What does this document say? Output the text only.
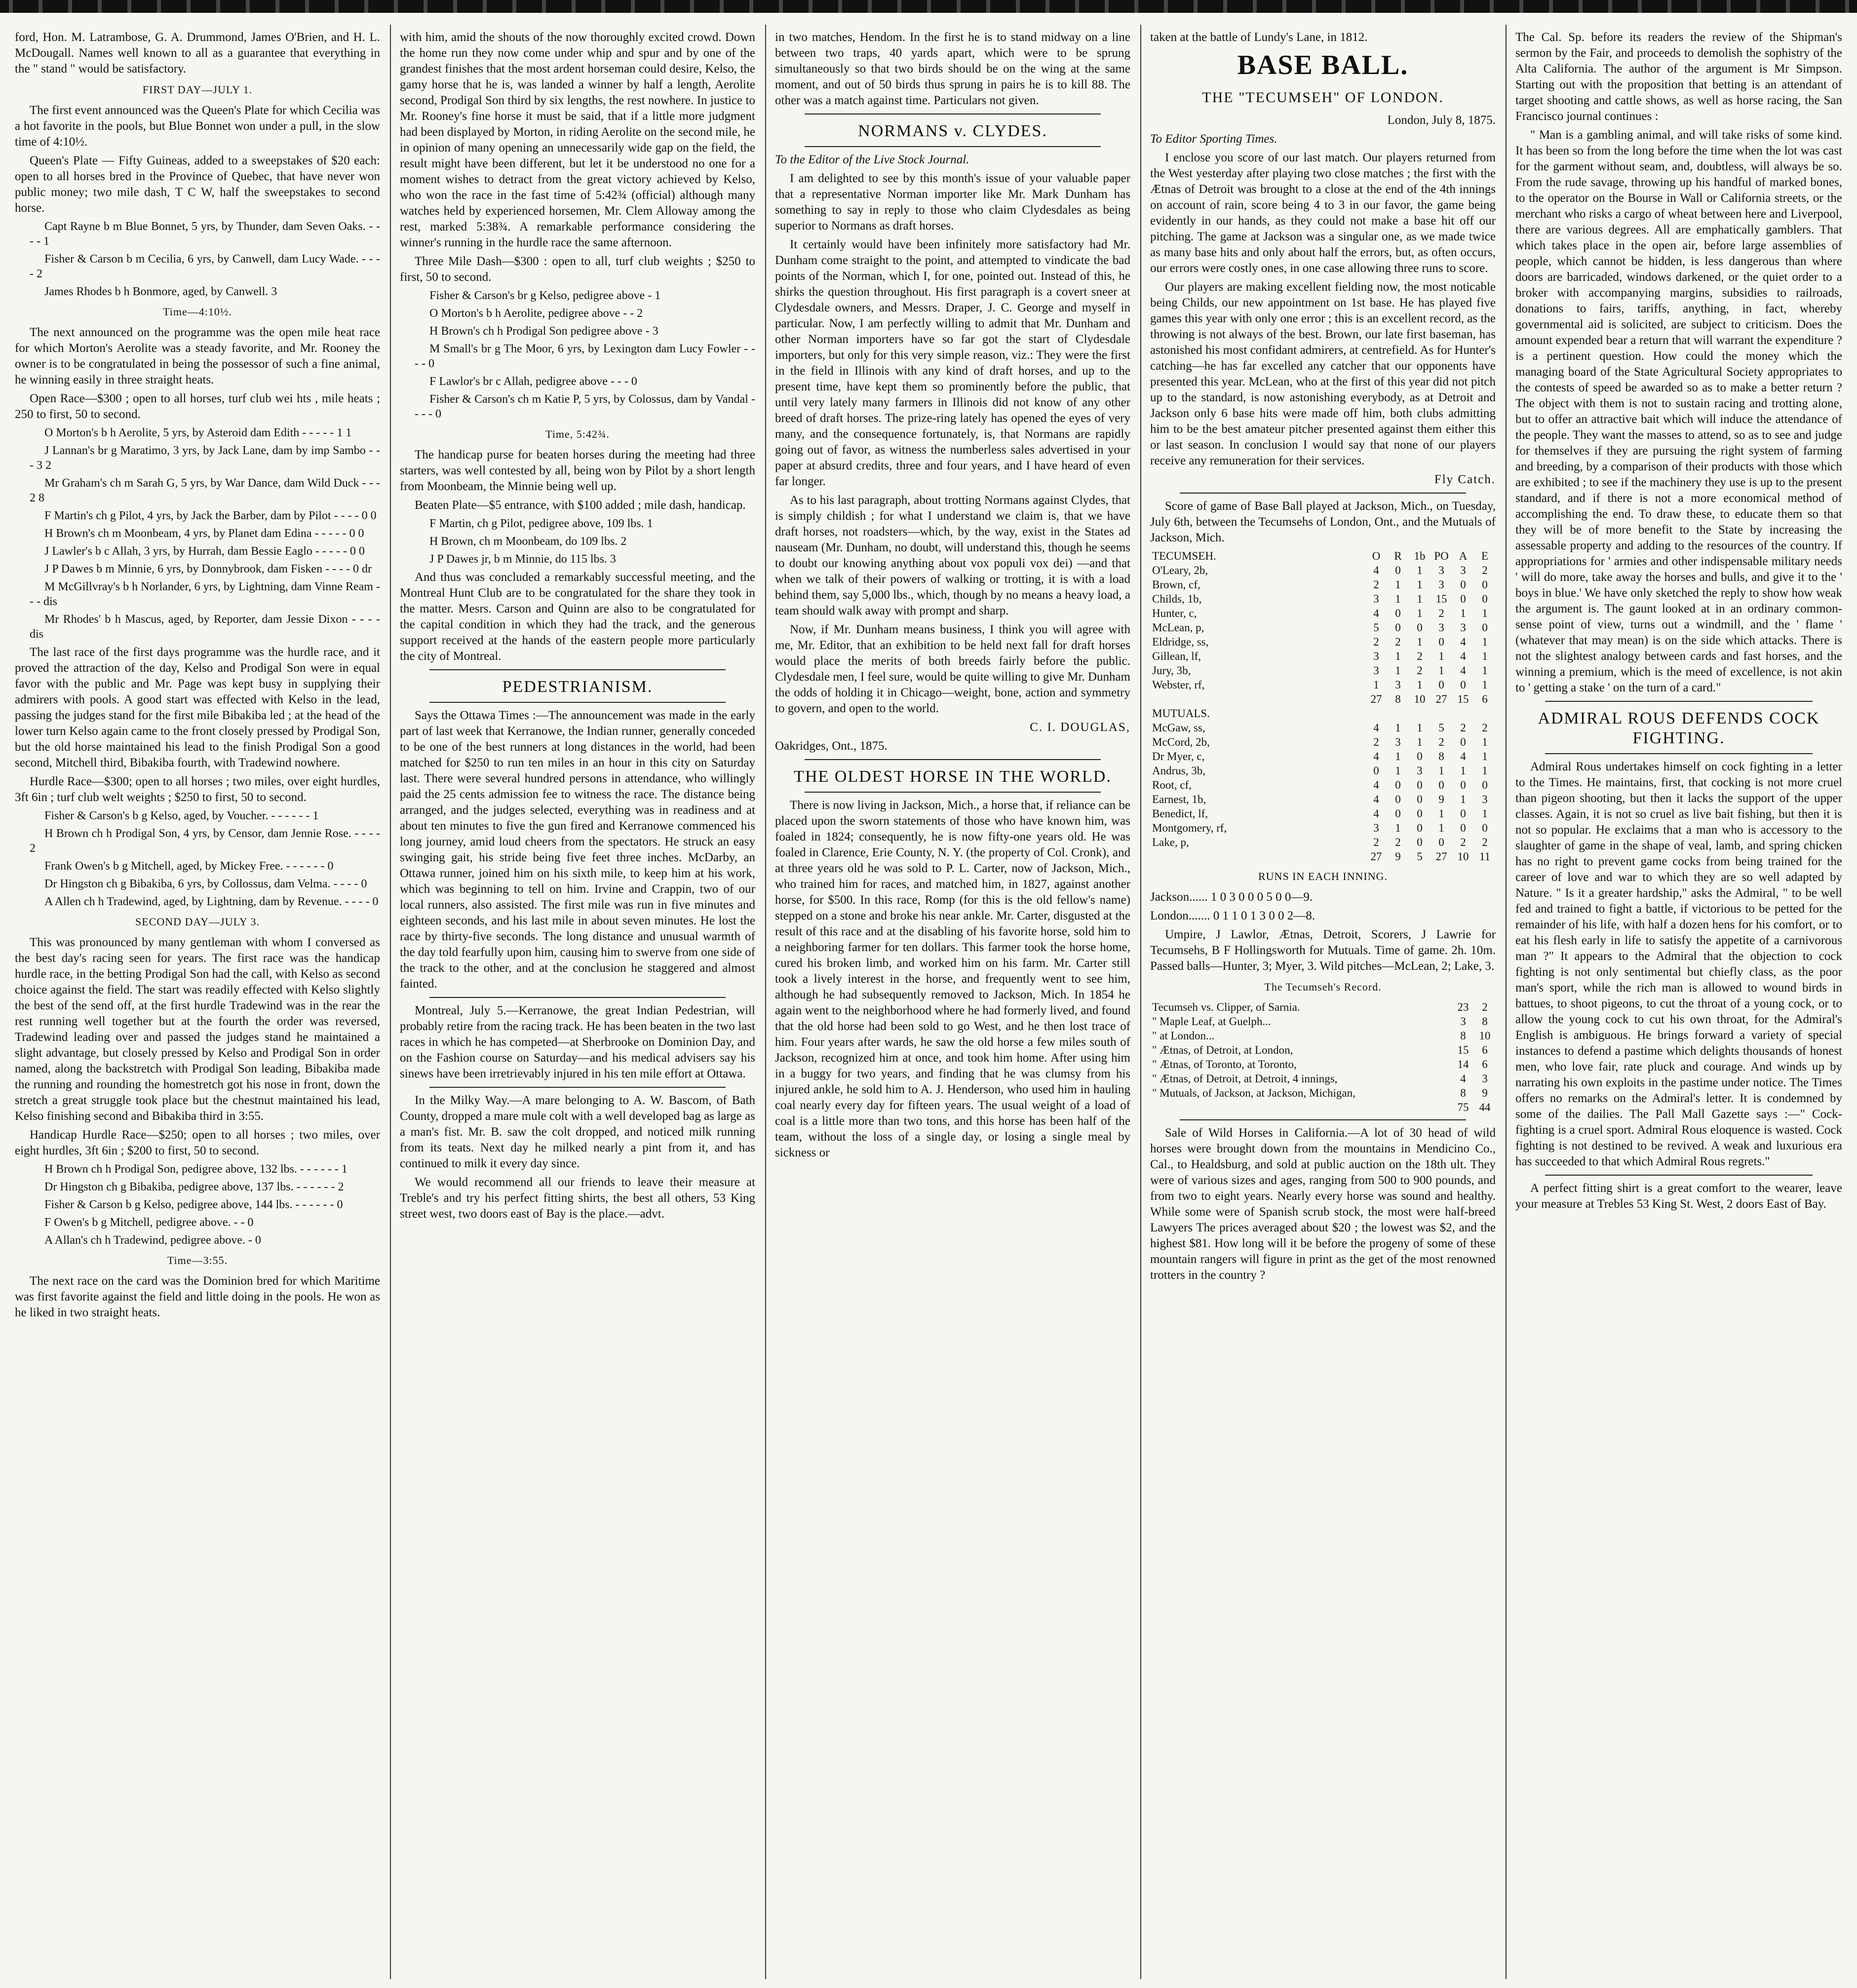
ford, Hon. M. Latrambose, G. A. Drummond, James O'Brien, and H. L. McDougall. Names well known to all as a guarantee that everything in the " stand " would be satisfactory.

FIRST DAY—JULY 1.

The first event announced was the Queen's Plate for which Cecilia was a hot favorite in the pools, but Blue Bonnet won under a pull, in the slow time of 4:10½.

Queen's Plate — Fifty Guineas, added to a sweepstakes of $20 each: open to all horses bred in the Province of Quebec, that have never won public money; two mile dash, T C W, half the sweepstakes to second horse.

Capt Rayne b m Blue Bonnet, 5 yrs, by Thunder, dam Seven Oaks. - - - - 1

Fisher & Carson b m Cecilia, 6 yrs, by Canwell, dam Lucy Wade. - - - - 2

James Rhodes b h Bonmore, aged, by Canwell. 3

Time—4:10½.

The next announced on the programme was the open mile heat race for which Morton's Aerolite was a steady favorite, and Mr. Rooney the owner is to be congratulated in being the possessor of such a fine animal, he winning easily in three straight heats.

Open Race—$300 ; open to all horses, turf club wei hts , mile heats ; 250 to first, 50 to second.

O Morton's b h Aerolite, 5 yrs, by Asteroid dam Edith - - - - - 1 1

J Lannan's br g Maratimo, 3 yrs, by Jack Lane, dam by imp Sambo - - - 3 2

Mr Graham's ch m Sarah G, 5 yrs, by War Dance, dam Wild Duck - - - 2 8

F Martin's ch g Pilot, 4 yrs, by Jack the Barber, dam by Pilot - - - - 0 0

H Brown's ch m Moonbeam, 4 yrs, by Planet dam Edina - - - - - 0 0

J Lawler's b c Allah, 3 yrs, by Hurrah, dam Bessie Eaglo - - - - - 0 0

J P Dawes b m Minnie, 6 yrs, by Donnybrook, dam Fisken - - - - 0 dr

M McGillvray's b h Norlander, 6 yrs, by Lightning, dam Vinne Ream - - - dis

Mr Rhodes' b h Mascus, aged, by Reporter, dam Jessie Dixon - - - - dis

The last race of the first days programme was the hurdle race, and it proved the attraction of the day, Kelso and Prodigal Son were in equal favor with the public and Mr. Page was kept busy in supplying their admirers with pools. A good start was effected with Kelso in the lead, passing the judges stand for the first mile Bibakiba led ; at the head of the lower turn Kelso again came to the front closely pressed by Prodigal Son, but the old horse maintained his lead to the finish Prodigal Son a good second, Mitchell third, Bibakiba fourth, with Tradewind nowhere.

Hurdle Race—$300; open to all horses ; two miles, over eight hurdles, 3ft 6in ; turf club welt weights ; $250 to first, 50 to second.

Fisher & Carson's b g Kelso, aged, by Voucher. - - - - - - 1

H Brown ch h Prodigal Son, 4 yrs, by Censor, dam Jennie Rose. - - - - 2

Frank Owen's b g Mitchell, aged, by Mickey Free. - - - - - - 0

Dr Hingston ch g Bibakiba, 6 yrs, by Collossus, dam Velma. - - - - 0

A Allen ch h Tradewind, aged, by Lightning, dam by Revenue. - - - - 0

SECOND DAY—JULY 3.

This was pronounced by many gentleman with whom I conversed as the best day's racing seen for years. The first race was the handicap hurdle race, in the betting Prodigal Son had the call, with Kelso as second choice against the field. The start was readily effected with Kelso slightly the best of the send off, at the first hurdle Tradewind was in the rear the rest running well together but at the fourth the order was reversed, Tradewind leading over and passed the judges stand he maintained a slight advantage, but closely pressed by Kelso and Prodigal Son in order named, along the backstretch with Prodigal Son leading, Bibakiba made the running and rounding the homestretch got his nose in front, down the stretch a great struggle took place but the chestnut maintained his lead, Kelso finishing second and Bibakiba third in 3:55.

Handicap Hurdle Race—$250; open to all horses ; two miles, over eight hurdles, 3ft 6in ; $200 to first, 50 to second.

H Brown ch h Prodigal Son, pedigree above, 132 lbs. - - - - - - 1

Dr Hingston ch g Bibakiba, pedigree above, 137 lbs. - - - - - - 2

Fisher & Carson b g Kelso, pedigree above, 144 lbs. - - - - - - 0

F Owen's b g Mitchell, pedigree above. - - 0

A Allan's ch h Tradewind, pedigree above. - 0

Time—3:55.

The next race on the card was the Dominion bred for which Maritime was first favorite against the field and little doing in the pools. He won as he liked in two straight heats.

with him, amid the shouts of the now thoroughly excited crowd. Down the home run they now come under whip and spur and by one of the grandest finishes that the most ardent horseman could desire, Kelso, the gamy horse that he is, was landed a winner by half a length, Aerolite second, Prodigal Son third by six lengths, the rest nowhere. In justice to Mr. Rooney's fine horse it must be said, that if a little more judgment had been displayed by Morton, in riding Aerolite on the second mile, he in opinion of many opening an unnecessarily wide gap on the field, the result might have been different, but let it be understood no one for a moment wishes to detract from the great victory achieved by Kelso, who won the race in the fast time of 5:42¾ (official) although many watches held by experienced horsemen, Mr. Clem Alloway among the rest, marked 5:38¾. A remarkable performance considering the winner's running in the hurdle race the same afternoon.

Three Mile Dash—$300 : open to all, turf club weights ; $250 to first, 50 to second.

Fisher & Carson's br g Kelso, pedigree above - 1

O Morton's b h Aerolite, pedigree above - - 2

H Brown's ch h Prodigal Son pedigree above - 3

M Small's br g The Moor, 6 yrs, by Lexington dam Lucy Fowler - - - - 0

F Lawlor's br c Allah, pedigree above - - - 0

Fisher & Carson's ch m Katie P, 5 yrs, by Colossus, dam by Vandal - - - - 0

Time, 5:42¾.

The handicap purse for beaten horses during the meeting had three starters, was well contested by all, being won by Pilot by a short length from Moonbeam, the Minnie being well up.

Beaten Plate—$5 entrance, with $100 added ; mile dash, handicap.

F Martin, ch g Pilot, pedigree above, 109 lbs. 1

H Brown, ch m Moonbeam, do 109 lbs. 2

J P Dawes jr, b m Minnie, do 115 lbs. 3

And thus was concluded a remarkably successful meeting, and the Montreal Hunt Club are to be congratulated for the share they took in the matter. Mesrs. Carson and Quinn are also to be congratulated for the capital condition in which they had the track, and the generous support received at the hands of the eastern people more particularly the city of Montreal.

PEDESTRIANISM.

Says the Ottawa Times :—The announcement was made in the early part of last week that Kerranowe, the Indian runner, generally conceded to be one of the best runners at long distances in the world, had been matched for $250 to run ten miles in an hour in this city on Saturday last. There were several hundred persons in attendance, who willingly paid the 25 cents admission fee to witness the race. The distance being arranged, and the judges selected, everything was in readiness and at about ten minutes to five the gun fired and Kerranowe commenced his long journey, amid loud cheers from the spectators. He struck an easy swinging gait, his stride being five feet three inches. McDarby, an Ottawa runner, joined him on his sixth mile, to keep him at his work, which was beginning to tell on him. Irvine and Crappin, two of our local runners, also assisted. The first mile was run in five minutes and eighteen seconds, and his last mile in about seven minutes. He lost the race by thirty-five seconds. The long distance and unusual warmth of the day told fearfully upon him, causing him to swerve from one side of the track to the other, and at the conclusion he staggered and almost fainted.

Montreal, July 5.—Kerranowe, the great Indian Pedestrian, will probably retire from the racing track. He has been beaten in the two last races in which he has competed—at Sherbrooke on Dominion Day, and on the Fashion course on Saturday—and his medical advisers say his sinews have been irretrievably injured in his ten mile effort at Ottawa.

In the Milky Way.—A mare belonging to A. W. Bascom, of Bath County, dropped a mare mule colt with a well developed bag as large as a man's fist. Mr. B. saw the colt dropped, and noticed milk running from its teats. Next day he milked nearly a pint from it, and has continued to milk it every day since.

We would recommend all our friends to leave their measure at Treble's and try his perfect fitting shirts, the best all others, 53 King street west, two doors east of Bay is the place.—advt.

in two matches, Hendom. In the first he is to stand midway on a line between two traps, 40 yards apart, which were to be sprung simultaneously so that two birds should be on the wing at the same moment, and out of 50 birds thus sprung in pairs he is to kill 88. The other was a match against time. Particulars not given.

NORMANS v. CLYDES.

To the Editor of the Live Stock Journal.

I am delighted to see by this month's issue of your valuable paper that a representative Norman importer like Mr. Mark Dunham has something to say in reply to those who claim Clydesdales as being superior to Normans as draft horses.

It certainly would have been infinitely more satisfactory had Mr. Dunham come straight to the point, and attempted to vindicate the bad points of the Norman, which I, for one, pointed out. Instead of this, he shirks the question throughout. His first paragraph is a covert sneer at Clydesdale owners, and Messrs. Draper, J. C. George and myself in particular. Now, I am perfectly willing to admit that Mr. Dunham and other Norman importers have so far got the start of Clydesdale importers, but only for this very simple reason, viz.: They were the first in the field in Illinois with any kind of draft horses, and up to the present time, have kept them so prominently before the public, that until very lately many farmers in Illinois did not know of any other breed of draft horses. The prize-ring lately has opened the eyes of very many, and the consequence fortunately, is, that Normans are rapidly going out of favor, as witness the numberless sales advertised in your paper at absurd credits, three and four years, and I have heard of even far longer.

As to his last paragraph, about trotting Normans against Clydes, that is simply childish ; for what I understand we claim is, that we have draft horses, not roadsters—which, by the way, exist in the States ad nauseam (Mr. Dunham, no doubt, will understand this, though he seems to doubt our knowing anything about vox populi vox dei) —and that when we talk of their powers of walking or trotting, it is with a load behind them, say 5,000 lbs., which, though by no means a heavy load, a team should walk away with prompt and sharp.

Now, if Mr. Dunham means business, I think you will agree with me, Mr. Editor, that an exhibition to be held next fall for draft horses would place the merits of both breeds fairly before the public. Clydesdale men, I feel sure, would be quite willing to give Mr. Dunham the odds of holding it in Chicago—weight, bone, action and symmetry to govern, and open to the world.

C. I. DOUGLAS,

Oakridges, Ont., 1875.

THE OLDEST HORSE IN THE WORLD.

There is now living in Jackson, Mich., a horse that, if reliance can be placed upon the sworn statements of those who have known him, was foaled in 1824; consequently, he is now fifty-one years old. He was foaled in Clarence, Erie County, N. Y. (the property of Col. Cronk), and at three years old he was sold to P. L. Carter, now of Jackson, Mich., who trained him for races, and matched him, in 1827, against another horse, for $500. In this race, Romp (for this is the old fellow's name) stepped on a stone and broke his near ankle. Mr. Carter, disgusted at the result of this race and at the disabling of his favorite horse, sold him to a neighboring farmer for ten dollars. This farmer took the horse home, cured his broken limb, and worked him on his farm. Mr. Carter still took a lively interest in the horse, and frequently went to see him, although he had subsequently removed to Jackson, Mich. In 1854 he again went to the neighborhood where he had formerly lived, and found that the old horse had been sold to go West, and he then lost trace of him. Four years after wards, he saw the old horse a few miles south of Jackson, recognized him at once, and took him home. After using him in a buggy for two years, and finding that he was clumsy from his injured ankle, he sold him to A. J. Henderson, who used him in hauling coal nearly every day for fifteen years. The usual weight of a load of coal is a little more than two tons, and this horse has been half of the team, without the loss of a single day, or losing a single meal by sickness or

taken at the battle of Lundy's Lane, in 1812.

BASE BALL.
THE "TECUMSEH" OF LONDON.

London, July 8, 1875.

To Editor Sporting Times.

I enclose you score of our last match. Our players returned from the West yesterday after playing two close matches ; the first with the Ætnas of Detroit was brought to a close at the end of the 4th innings on account of rain, score being 4 to 3 in our favor, the game being evidently in our hands, as they could not make a base hit off our pitching. The game at Jackson was a singular one, as we made twice as many base hits and only about half the errors, but, as often occurs, our errors were costly ones, in one case allowing three runs to score.

Our players are making excellent fielding now, the most noticable being Childs, our new appointment on 1st base. He has played five games this year with only one error ; this is an excellent record, as the throwing is not always of the best. Brown, our late first baseman, has astonished his most confidant admirers, at centrefield. As for Hunter's catching—he has far excelled any catcher that our opponents have presented this year. McLean, who at the first of this year did not pitch up to the standard, is now astonishing everybody, as at Detroit and Jackson only 6 base hits were made off him, both clubs admitting him to be the best amateur pitcher presented against them either this or last season. In conclusion I would say that none of our players receive any remuneration for their services.

Fly Catch.

Score of game of Base Ball played at Jackson, Mich., on Tuesday, July 6th, between the Tecumsehs of London, Ont., and the Mutuals of Jackson, Mich.

TECUMSEH.	O	R	1b	PO	A	E
O'Leary, 2b,	4	0	1	3	3	2
Brown, cf,	2	1	1	3	0	0
Childs, 1b,	3	1	1	15	0	0
Hunter, c,	4	0	1	2	1	1
McLean, p,	5	0	0	3	3	0
Eldridge, ss,	2	2	1	0	4	1
Gillean, lf,	3	1	2	1	4	1
Jury, 3b,	3	1	2	1	4	1
Webster, rf,	1	3	1	0	0	1
	27	8	10	27	15	6
MUTUALS.						
McGaw, ss,	4	1	1	5	2	2
McCord, 2b,	2	3	1	2	0	1
Dr Myer, c,	4	1	0	8	4	1
Andrus, 3b,	0	1	3	1	1	1
Root, cf,	4	0	0	0	0	0
Earnest, 1b,	4	0	0	9	1	3
Benedict, lf,	4	0	0	1	0	1
Montgomery, rf,	3	1	0	1	0	0
Lake, p,	2	2	0	0	2	2
	27	9	5	27	10	11
RUNS IN EACH INNING.

Jackson...... 1 0 3 0 0 0 5 0 0—9.

London....... 0 1 1 0 1 3 0 0 2—8.

Umpire, J Lawlor, Ætnas, Detroit, Scorers, J Lawrie for Tecumsehs, B F Hollingsworth for Mutuals. Time of game. 2h. 10m. Passed balls—Hunter, 3; Myer, 3. Wild pitches—McLean, 2; Lake, 3.

The Tecumseh's Record.
Tecumseh vs. Clipper, of Sarnia.	23	2
" Maple Leaf, at Guelph...	3	8
" at London...	8	10
" Ætnas, of Detroit, at London,	15	6
" Ætnas, of Toronto, at Toronto,	14	6
" Ætnas, of Detroit, at Detroit, 4 innings,	4	3
" Mutuals, of Jackson, at Jackson, Michigan,	8	9
	75	44

Sale of Wild Horses in California.—A lot of 30 head of wild horses were brought down from the mountains in Mendicino Co., Cal., to Healdsburg, and sold at public auction on the 18th ult. They were of various sizes and ages, ranging from 500 to 900 pounds, and from two to eight years. Nearly every horse was sound and healthy. While some were of Spanish scrub stock, the most were half-breed Lawyers The prices averaged about $20 ; the lowest was $2, and the highest $81. How long will it be before the progeny of some of these mountain rangers will figure in print as the get of the most renowned trotters in the country ?

The Cal. Sp. before its readers the review of the Shipman's sermon by the Fair, and proceeds to demolish the sophistry of the Alta California. The author of the argument is Mr Simpson. Starting out with the proposition that betting is an attendant of target shooting and cattle shows, as well as horse racing, the San Francisco journal continues :

" Man is a gambling animal, and will take risks of some kind. It has been so from the long before the time when the lot was cast for the garment without seam, and, doubtless, will always be so. From the rude savage, throwing up his handful of marked bones, to the operator on the Bourse in Wall or California streets, or the merchant who risks a cargo of wheat between here and Liverpool, there are various degrees. All are emphatically gamblers. That which takes place in the open air, before large assemblies of people, which cannot be hidden, is less dangerous than where doors are barricaded, windows darkened, or the quiet order to a broker with accompanying margins, subsidies to railroads, donations to fairs, tariffs, anything, in fact, whereby governmental aid is solicited, are subject to criticism. Does the amount expended bear a return that will warrant the expenditure ? is a pertinent question. How could the money which the managing board of the State Agricultural Society appropriates to the contests of speed be awarded so as to make a better return ? The object with them is not to sustain racing and trotting alone, but to offer an attractive bait which will induce the attendance of the people. They want the masses to attend, so as to see and judge for themselves if they are pursuing the right system of farming and breeding, by a comparison of their products with those which are exhibited ; to see if the machinery they use is up to the present standard, and if there is not a more economical method of accomplishing the end. To draw these, to educate them so that they will be of more benefit to the State by increasing the assessable property and adding to the resources of the country. If appropriations for ' armies and other indispensable military needs ' will do more, take away the horses and bulls, and give it to the ' boys in blue.' We have only sketched the reply to show how weak the argument is. The gaunt looked at in an ordinary common-sense point of view, turns out a windmill, and the ' flame ' (whatever that may mean) is on the side which attacks. There is not the slightest analogy between cards and fast horses, and the winning a premium, which is the meed of excellence, is not akin to ' getting a stake ' on the turn of a card."

ADMIRAL ROUS DEFENDS COCK FIGHTING.

Admiral Rous undertakes himself on cock fighting in a letter to the Times. He maintains, first, that cocking is not more cruel than pigeon shooting, but then it lacks the support of the upper classes. Again, it is not so cruel as live bait fishing, but then it is not so popular. He exclaims that a man who is accessory to the slaughter of game in the shape of veal, lamb, and spring chicken has no right to prevent game cocks from being trained for the career of love and war to which they are so well adapted by Nature. " Is it a greater hardship," asks the Admiral, " to be well fed and trained to fight a battle, if victorious to be petted for the remainder of his life, with half a dozen hens for his comfort, or to eat his flesh early in life to satisfy the appetite of a carnivorous man ?" It appears to the Admiral that the objection to cock fighting is not only sentimental but chiefly class, as the poor man's sport, while the rich man is allowed to wound birds in battues, to shoot pigeons, to cut the throat of a young cock, or to allow the young cock to cut his own throat, for the Admiral's English is ambiguous. He brings forward a variety of special instances to defend a pastime which delights thousands of honest men, who love fair, rate pluck and courage. And winds up by narrating his own exploits in the pastime under notice. The Times offers no remarks on the Admiral's letter. It is condemned by some of the dailies. The Pall Mall Gazette says :—" Cock-fighting is a cruel sport. Admiral Rous eloquence is wasted. Cock fighting is not destined to be revived. A weak and luxurious era has succeeded to that which Admiral Rous regrets."

A perfect fitting shirt is a great comfort to the wearer, leave your measure at Trebles 53 King St. West, 2 doors East of Bay.
